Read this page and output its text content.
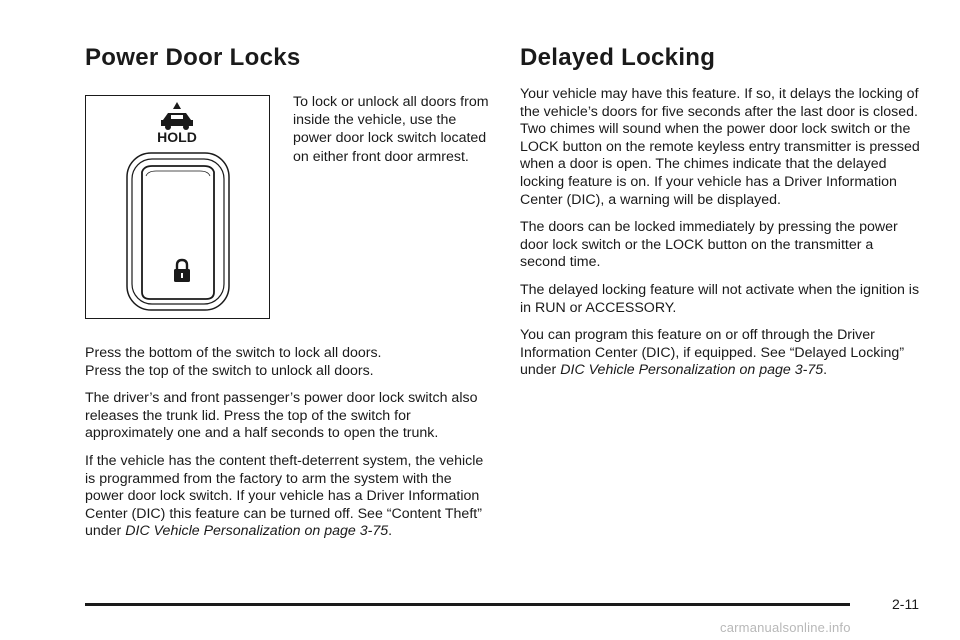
Power Door Locks	Delayed Locking
HOLD

To lock or unlock all doors from inside the vehicle, use the power door lock switch located on either front door armrest.

Press the bottom of the switch to lock all doors.
Press the top of the switch to unlock all doors.

The driver’s and front passenger’s power door lock switch also releases the trunk lid. Press the top of the switch for approximately one and a half seconds to open the trunk.

If the vehicle has the content theft-deterrent system, the vehicle is programmed from the factory to arm the system with the power door lock switch. If your vehicle has a Driver Information Center (DIC) this feature can be turned off. See “Content Theft” under DIC Vehicle Personalization on page 3-75.

Your vehicle may have this feature. If so, it delays the locking of the vehicle’s doors for five seconds after the last door is closed. Two chimes will sound when the power door lock switch or the LOCK button on the remote keyless entry transmitter is pressed when a door is open. The chimes indicate that the delayed locking feature is on. If your vehicle has a Driver Information Center (DIC), a warning will be displayed.

The doors can be locked immediately by pressing the power door lock switch or the LOCK button on the transmitter a second time.

The delayed locking feature will not activate when the ignition is in RUN or ACCESSORY.

You can program this feature on or off through the Driver Information Center (DIC), if equipped. See “Delayed Locking” under DIC Vehicle Personalization on page 3-75.

2-11
carmanualsonline.info
